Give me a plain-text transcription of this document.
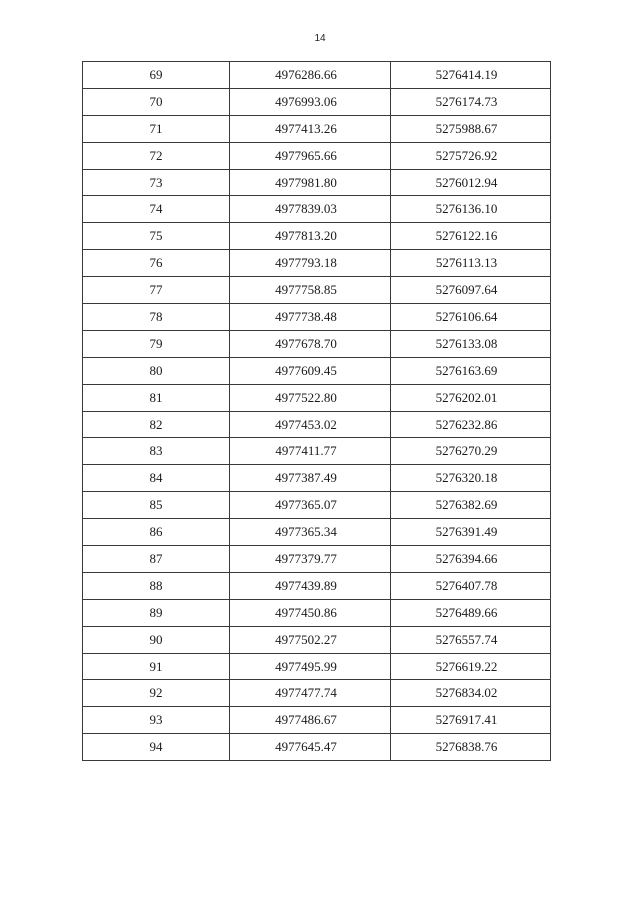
14
69	4976286.66	5276414.19
70	4976993.06	5276174.73
71	4977413.26	5275988.67
72	4977965.66	5275726.92
73	4977981.80	5276012.94
74	4977839.03	5276136.10
75	4977813.20	5276122.16
76	4977793.18	5276113.13
77	4977758.85	5276097.64
78	4977738.48	5276106.64
79	4977678.70	5276133.08
80	4977609.45	5276163.69
81	4977522.80	5276202.01
82	4977453.02	5276232.86
83	4977411.77	5276270.29
84	4977387.49	5276320.18
85	4977365.07	5276382.69
86	4977365.34	5276391.49
87	4977379.77	5276394.66
88	4977439.89	5276407.78
89	4977450.86	5276489.66
90	4977502.27	5276557.74
91	4977495.99	5276619.22
92	4977477.74	5276834.02
93	4977486.67	5276917.41
94	4977645.47	5276838.76
